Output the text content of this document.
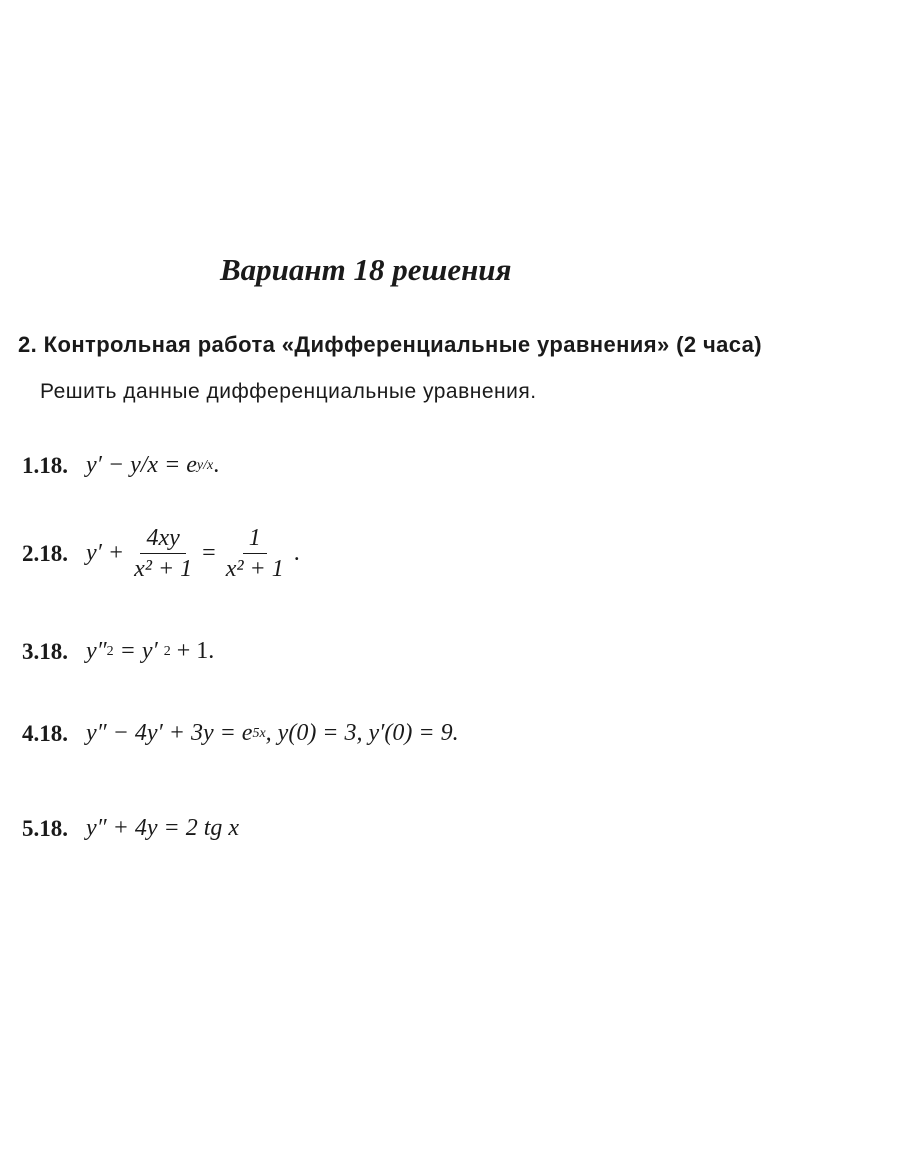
Вариант 18 решения
2. Контрольная работа «Дифференциальные уравнения» (2 часа)
Решить данные дифференциальные уравнения.
1.18. y′ − y/x = e y/x .
2.18. $y' + \frac{4xy}{\text{x² + 1}} = \frac{1}{\text{x² + 1}}$ .
3.18. y″ 2 = y′ 2 + 1.
4.18. y″ − 4y′ + 3y = e 5x , y(0) = 3, y′(0) = 9.
5.18. y″ + 4y = 2 tg x
